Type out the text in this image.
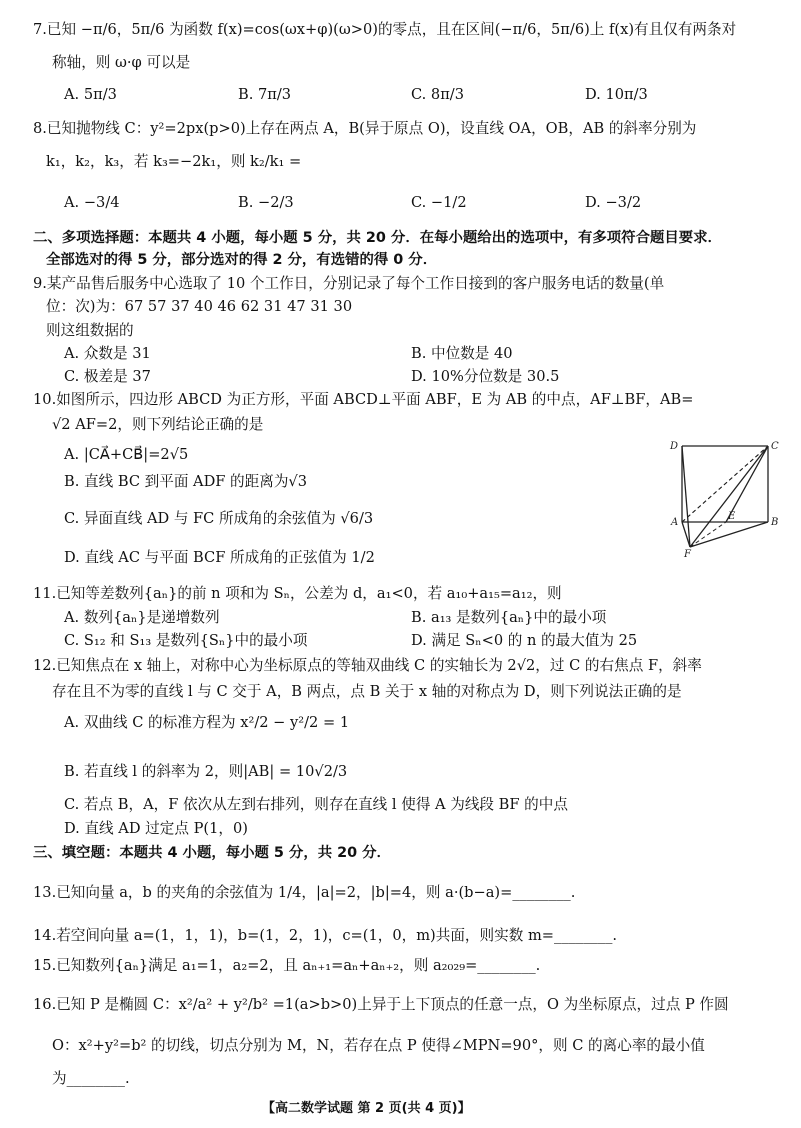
7.已知 −π/6，5π/6 为函数 f(x)=cos(ωx+φ)(ω>0)的零点，且在区间(−π/6，5π/6)上 f(x)有且仅有两条对
称轴，则 ω·φ 可以是
A. 5π/3	B. 7π/3	C. 8π/3	D. 10π/3
8.已知抛物线 C：y²=2px(p>0)上存在两点 A，B(异于原点 O)，设直线 OA，OB，AB 的斜率分别为
k₁，k₂，k₃，若 k₃=−2k₁，则 k₂/k₁ =
A. −3/4	B. −2/3	C. −1/2	D. −3/2
二、多项选择题：本题共 4 小题，每小题 5 分，共 20 分．在每小题给出的选项中，有多项符合题目要求．
全部选对的得 5 分，部分选对的得 2 分，有选错的得 0 分．
9.某产品售后服务中心选取了 10 个工作日，分别记录了每个工作日接到的客户服务电话的数量(单
位：次)为：67 57 37 40 46 62 31 47 31 30
则这组数据的
A. 众数是 31	B. 中位数是 40
C. 极差是 37	D. 10%分位数是 30.5
10.如图所示，四边形 ABCD 为正方形，平面 ABCD⊥平面 ABF，E 为 AB 的中点，AF⊥BF，AB=
√2 AF=2，则下列结论正确的是
A. |CA⃗+CB⃗|=2√5
B. 直线 BC 到平面 ADF 的距离为√3
C. 异面直线 AD 与 FC 所成角的余弦值为 √6/3
D. 直线 AC 与平面 BCF 所成角的正弦值为 1/2
11.已知等差数列{aₙ}的前 n 项和为 Sₙ，公差为 d，a₁<0，若 a₁₀+a₁₅=a₁₂，则
A. 数列{aₙ}是递增数列	B. a₁₃ 是数列{aₙ}中的最小项
C. S₁₂ 和 S₁₃ 是数列{Sₙ}中的最小项	D. 满足 Sₙ<0 的 n 的最大值为 25
12.已知焦点在 x 轴上，对称中心为坐标原点的等轴双曲线 C 的实轴长为 2√2，过 C 的右焦点 F，斜率
存在且不为零的直线 l 与 C 交于 A，B 两点，点 B 关于 x 轴的对称点为 D，则下列说法正确的是
A. 双曲线 C 的标准方程为 x²/2 − y²/2 = 1
B. 若直线 l 的斜率为 2，则|AB| = 10√2/3
C. 若点 B，A，F 依次从左到右排列，则存在直线 l 使得 A 为线段 BF 的中点
D. 直线 AD 过定点 P(1，0)
三、填空题：本题共 4 小题，每小题 5 分，共 20 分．
13.已知向量 a，b 的夹角的余弦值为 1/4，|a|=2，|b|=4，则 a·(b−a)=________.
14.若空间向量 a=(1，1，1)，b=(1，2，1)，c=(1，0，m)共面，则实数 m=________.
15.已知数列{aₙ}满足 a₁=1，a₂=2，且 aₙ₊₁=aₙ+aₙ₊₂，则 a₂₀₂₉=________.
16.已知 P 是椭圆 C：x²/a² + y²/b² =1(a>b>0)上异于上下顶点的任意一点，O 为坐标原点，过点 P 作圆
O：x²+y²=b² 的切线，切点分别为 M，N，若存在点 P 使得∠MPN=90°，则 C 的离心率的最小值
为________.
【高二数学试题 第 2 页(共 4 页)】
D	C
A
E
B
F
